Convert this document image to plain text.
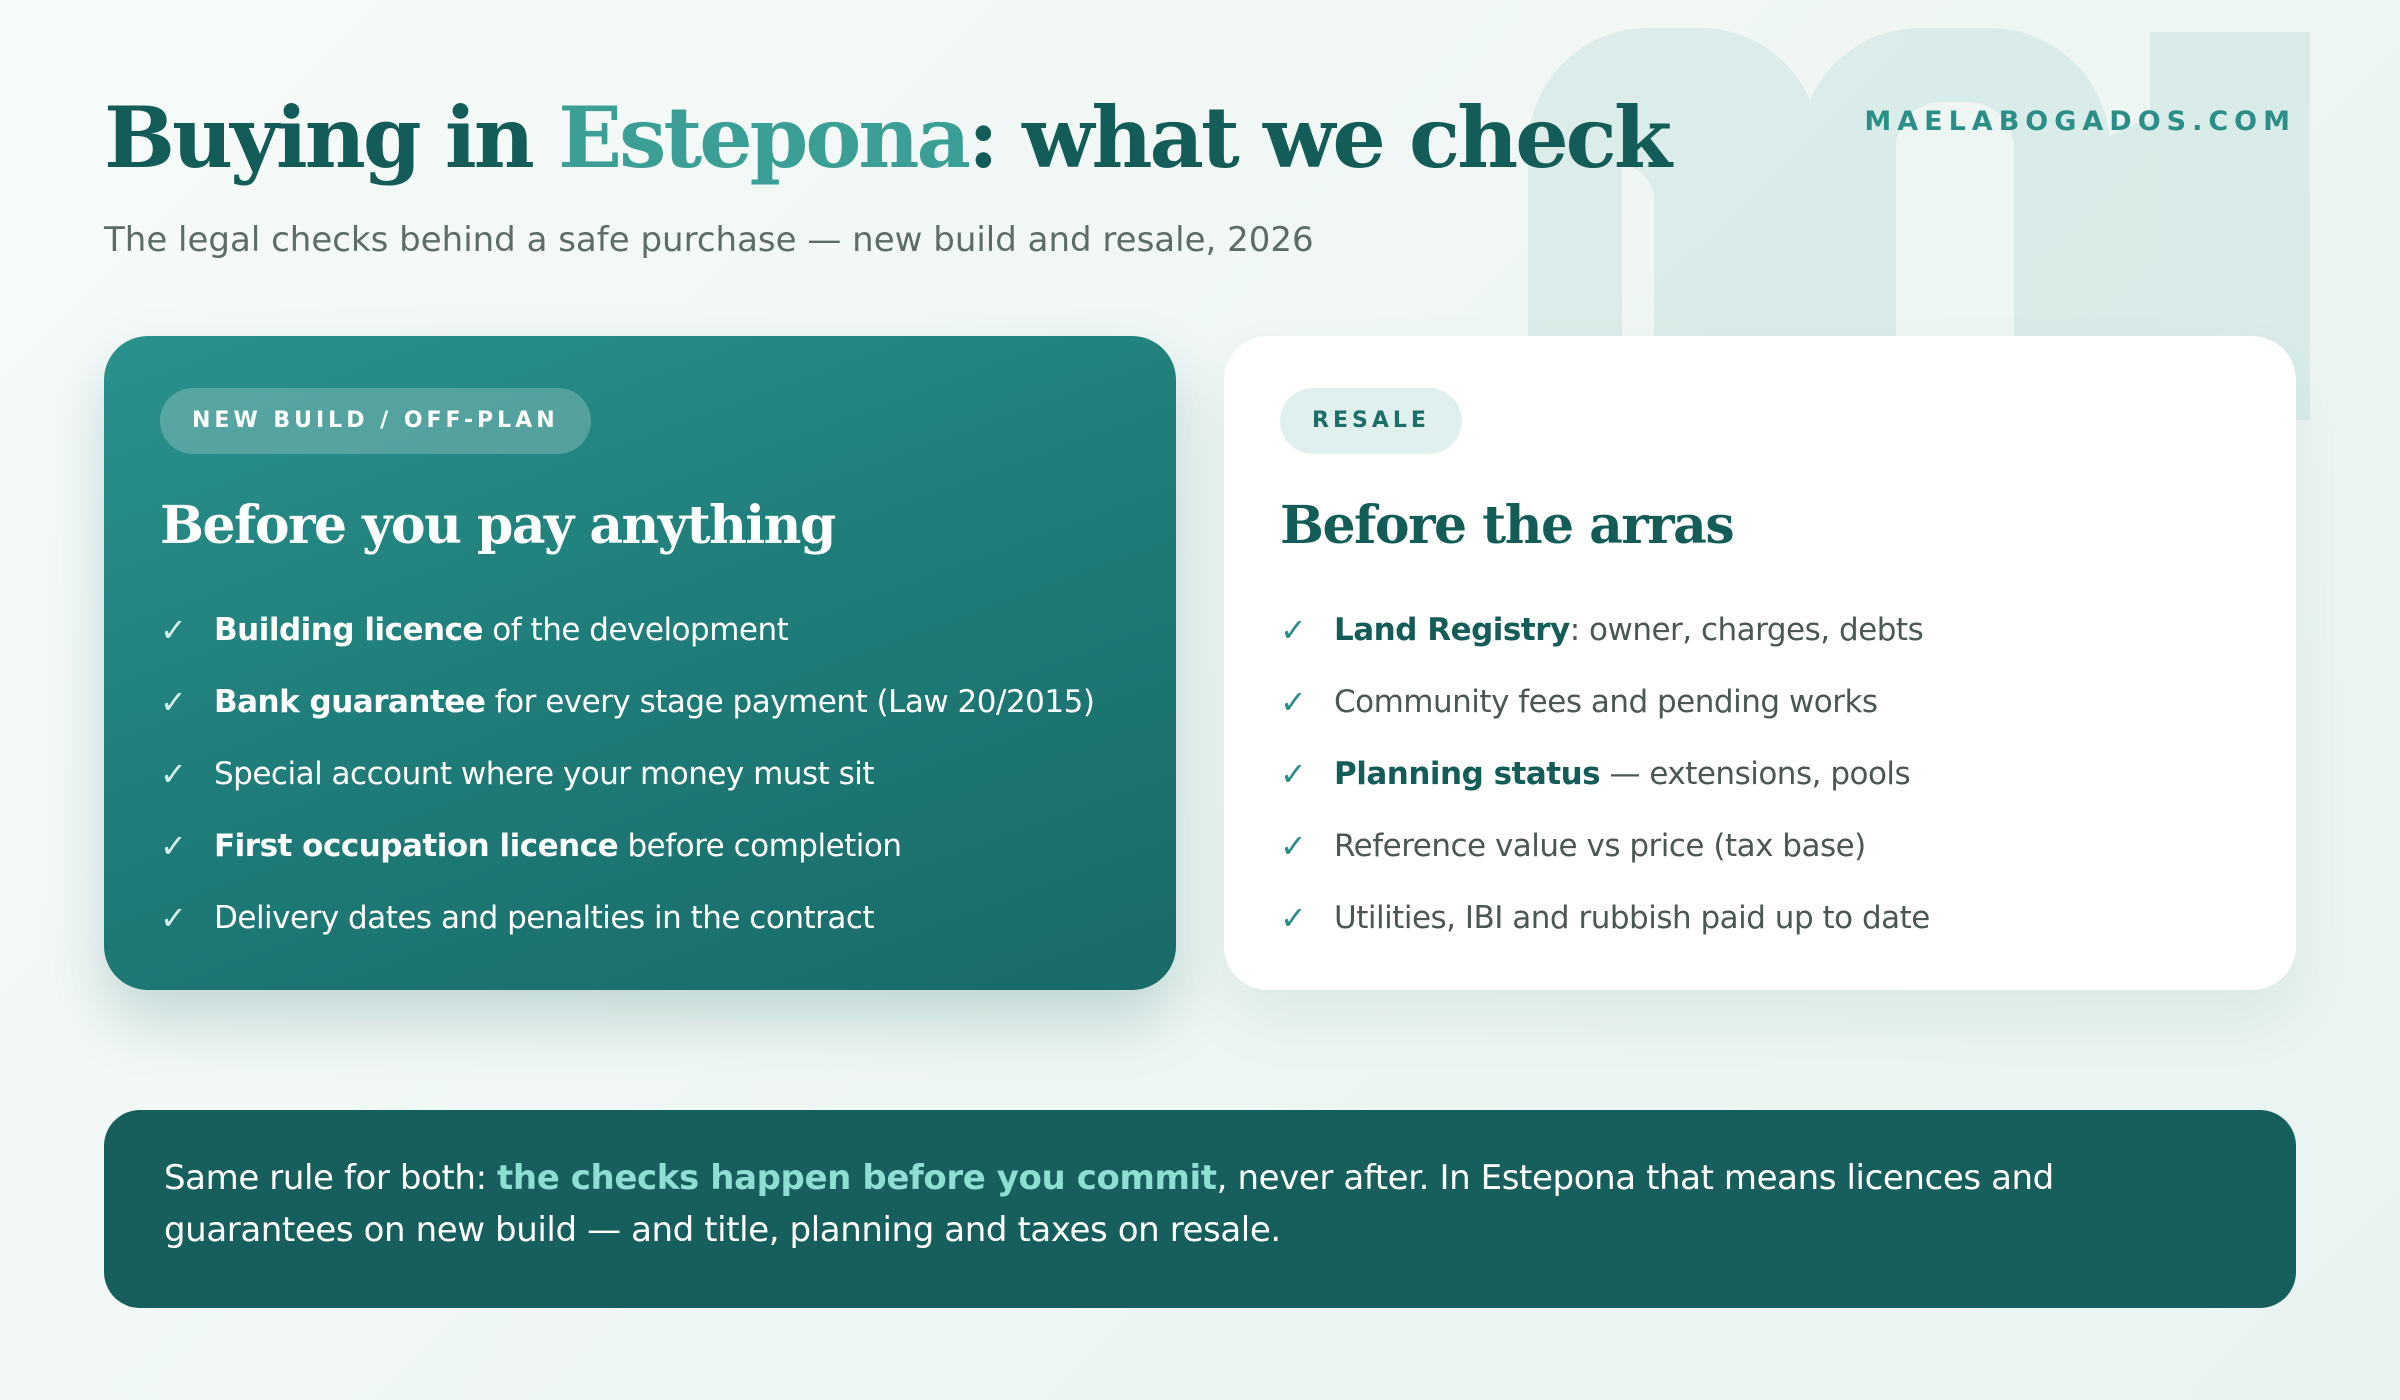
Buying in Estepona: what we check
The legal checks behind a safe purchase — new build and resale, 2026
MAELABOGADOS.COM
NEW BUILD / OFF-PLAN
Before you pay anything
✓ Building licence of the development
✓ Bank guarantee for every stage payment (Law 20/2015)
✓ Special account where your money must sit
✓ First occupation licence before completion
✓ Delivery dates and penalties in the contract
RESALE
Before the arras
✓ Land Registry: owner, charges, debts
✓ Community fees and pending works
✓ Planning status — extensions, pools
✓ Reference value vs price (tax base)
✓ Utilities, IBI and rubbish paid up to date
Same rule for both: the checks happen before you commit, never after. In Estepona that means licences and guarantees on new build — and title, planning and taxes on resale.
